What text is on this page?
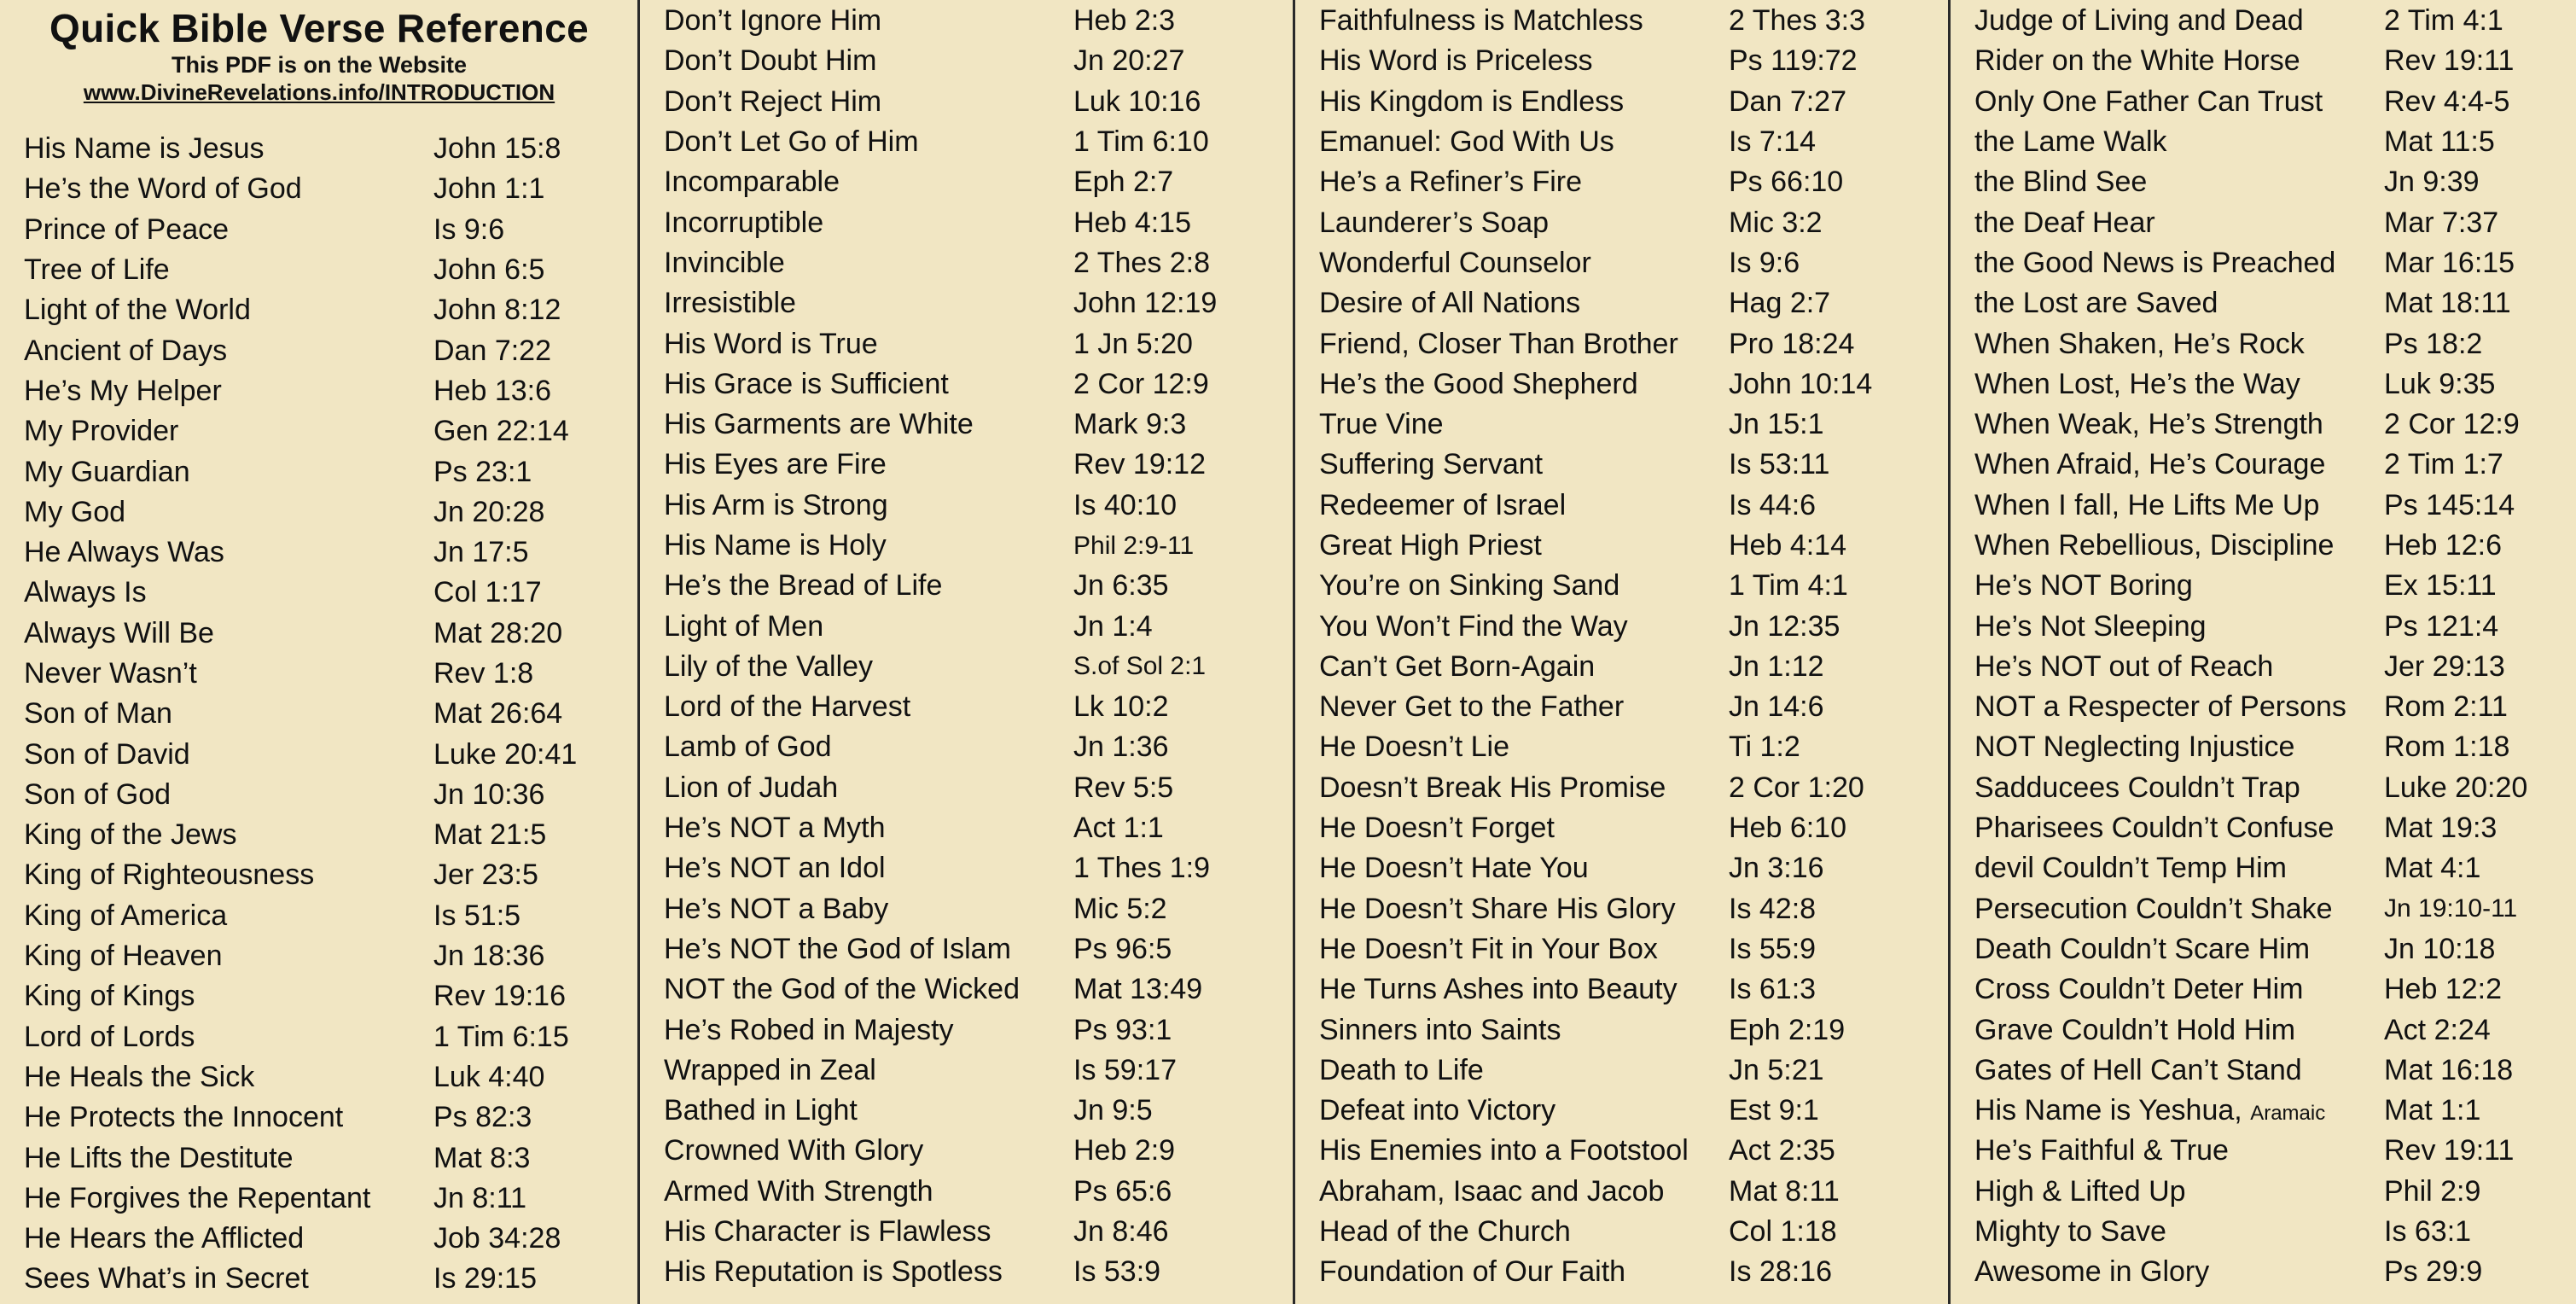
Quick Bible Verse Reference
This PDF is on the Website
www.DivineRevelations.info/INTRODUCTION
His Name is Jesus	John 15:8
He’s the Word of God	John 1:1
Prince of Peace	Is 9:6
Tree of Life	John 6:5
Light of the World	John 8:12
Ancient of Days	Dan 7:22
He’s My Helper	Heb 13:6
My Provider	Gen 22:14
My Guardian	Ps 23:1
My God	Jn 20:28
He Always Was	Jn 17:5
Always Is	Col 1:17
Always Will Be	Mat 28:20
Never Wasn’t	Rev 1:8
Son of Man	Mat 26:64
Son of David	Luke 20:41
Son of God	Jn 10:36
King of the Jews	Mat 21:5
King of Righteousness	Jer 23:5
King of America	Is 51:5
King of Heaven	Jn 18:36
King of Kings	Rev 19:16
Lord of Lords	1 Tim 6:15
He Heals the Sick	Luk 4:40
He Protects the Innocent	Ps 82:3
He Lifts the Destitute	Mat 8:3
He Forgives the Repentant	Jn 8:11
He Hears the Afflicted	Job 34:28
Sees What’s in Secret	Is 29:15
Don’t Ignore Him	Heb 2:3
Don’t Doubt Him	Jn 20:27
Don’t Reject Him	Luk 10:16
Don’t Let Go of Him	1 Tim 6:10
Incomparable	Eph 2:7
Incorruptible	Heb 4:15
Invincible	2 Thes 2:8
Irresistible	John 12:19
His Word is True	1 Jn 5:20
His Grace is Sufficient	2 Cor 12:9
His Garments are White	Mark 9:3
His Eyes are Fire	Rev 19:12
His Arm is Strong	Is 40:10
His Name is Holy	Phil 2:9-11
He’s the Bread of Life	Jn 6:35
Light of Men	Jn 1:4
Lily of the Valley	S.of Sol 2:1
Lord of the Harvest	Lk 10:2
Lamb of God	Jn 1:36
Lion of Judah	Rev 5:5
He’s NOT a Myth	Act 1:1
He’s NOT an Idol	1 Thes 1:9
He’s NOT a Baby	Mic 5:2
He’s NOT the God of Islam	Ps 96:5
NOT the God of the Wicked	Mat 13:49
He’s Robed in Majesty	Ps 93:1
Wrapped in Zeal	Is 59:17
Bathed in Light	Jn 9:5
Crowned With Glory	Heb 2:9
Armed With Strength	Ps 65:6
His Character is Flawless	Jn 8:46
His Reputation is Spotless	Is 53:9
Faithfulness is Matchless	2 Thes 3:3
His Word is Priceless	Ps 119:72
His Kingdom is Endless	Dan 7:27
Emanuel: God With Us	Is 7:14
He’s a Refiner’s Fire	Ps 66:10
Launderer’s Soap	Mic 3:2
Wonderful Counselor	Is 9:6
Desire of All Nations	Hag 2:7
Friend, Closer Than Brother	Pro 18:24
He’s the Good Shepherd	John 10:14
True Vine	Jn 15:1
Suffering Servant	Is 53:11
Redeemer of Israel	Is 44:6
Great High Priest	Heb 4:14
You’re on Sinking Sand	1 Tim 4:1
You Won’t Find the Way	Jn 12:35
Can’t Get Born-Again	Jn 1:12
Never Get to the Father	Jn 14:6
He Doesn’t Lie	Ti 1:2
Doesn’t Break His Promise	2 Cor 1:20
He Doesn’t Forget	Heb 6:10
He Doesn’t Hate You	Jn 3:16
He Doesn’t Share His Glory	Is 42:8
He Doesn’t Fit in Your Box	Is 55:9
He Turns Ashes into Beauty	Is 61:3
Sinners into Saints	Eph 2:19
Death to Life	Jn 5:21
Defeat into Victory	Est 9:1
His Enemies into a Footstool	Act 2:35
Abraham, Isaac and Jacob	Mat 8:11
Head of the Church	Col 1:18
Foundation of Our Faith	Is 28:16
Judge of Living and Dead	2 Tim 4:1
Rider on the White Horse	Rev 19:11
Only One Father Can Trust	Rev 4:4-5
the Lame Walk	Mat 11:5
the Blind See	Jn 9:39
the Deaf Hear	Mar 7:37
the Good News is Preached	Mar 16:15
the Lost are Saved	Mat 18:11
When Shaken, He’s Rock	Ps 18:2
When Lost, He’s the Way	Luk 9:35
When Weak, He’s Strength	2 Cor 12:9
When Afraid, He’s Courage	2 Tim 1:7
When I fall, He Lifts Me Up	Ps 145:14
When Rebellious, Discipline	Heb 12:6
He’s NOT Boring	Ex 15:11
He’s Not Sleeping	Ps 121:4
He’s NOT out of Reach	Jer 29:13
NOT a Respecter of Persons	Rom 2:11
NOT Neglecting Injustice	Rom 1:18
Sadducees Couldn’t Trap	Luke 20:20
Pharisees Couldn’t Confuse	Mat 19:3
devil Couldn’t Temp Him	Mat 4:1
Persecution Couldn’t Shake	Jn 19:10-11
Death Couldn’t Scare Him	Jn 10:18
Cross Couldn’t Deter Him	Heb 12:2
Grave Couldn’t Hold Him	Act 2:24
Gates of Hell Can’t Stand	Mat 16:18
His Name is Yeshua, Aramaic	Mat 1:1
He’s Faithful & True	Rev 19:11
High & Lifted Up	Phil 2:9
Mighty to Save	Is 63:1
Awesome in Glory	Ps 29:9
